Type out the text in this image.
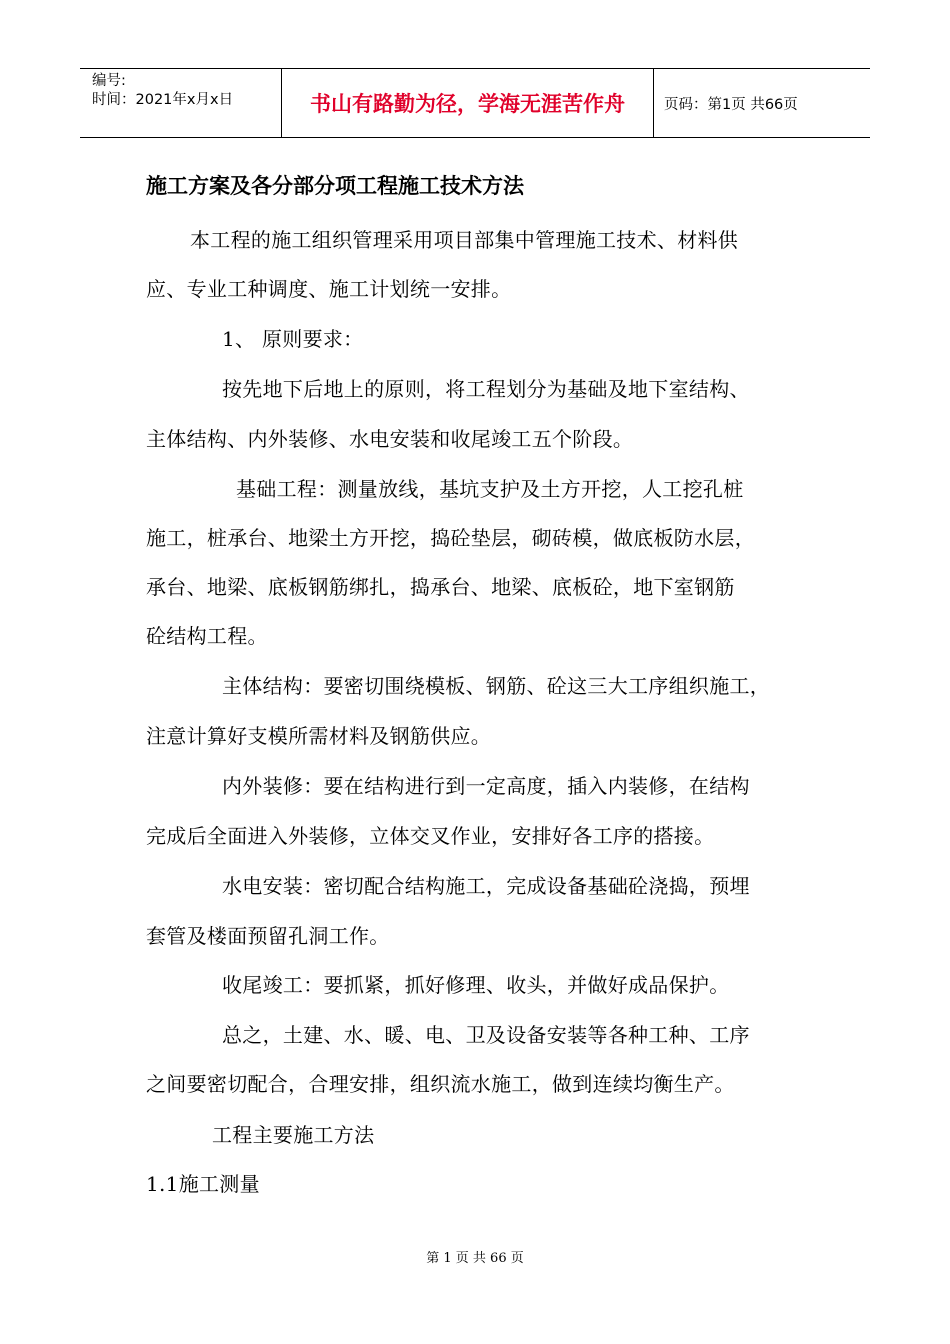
编号:
时间：2021年x月x日	书山有路勤为径，学海无涯苦作舟	页码：第1页 共66页
施工方案及各分部分项工程施工技术方法
本工程的施工组织管理采用项目部集中管理施工技术、材料供
应、专业工种调度、施工计划统一安排。
1、 原则要求：
按先地下后地上的原则，将工程划分为基础及地下室结构、
主体结构、内外装修、水电安装和收尾竣工五个阶段。
基础工程：测量放线，基坑支护及土方开挖，人工挖孔桩
施工，桩承台、地梁土方开挖，捣砼垫层，砌砖模，做底板防水层，
承台、地梁、底板钢筋绑扎，捣承台、地梁、底板砼，地下室钢筋
砼结构工程。
主体结构：要密切围绕模板、钢筋、砼这三大工序组织施工，
注意计算好支模所需材料及钢筋供应。
内外装修：要在结构进行到一定高度，插入内装修，在结构
完成后全面进入外装修，立体交叉作业，安排好各工序的搭接。
水电安装：密切配合结构施工，完成设备基础砼浇捣，预埋
套管及楼面预留孔洞工作。
收尾竣工：要抓紧，抓好修理、收头，并做好成品保护。
总之，土建、水、暖、电、卫及设备安装等各种工种、工序
之间要密切配合，合理安排，组织流水施工，做到连续均衡生产。
工程主要施工方法
1.1施工测量
第 1 页 共 66 页
